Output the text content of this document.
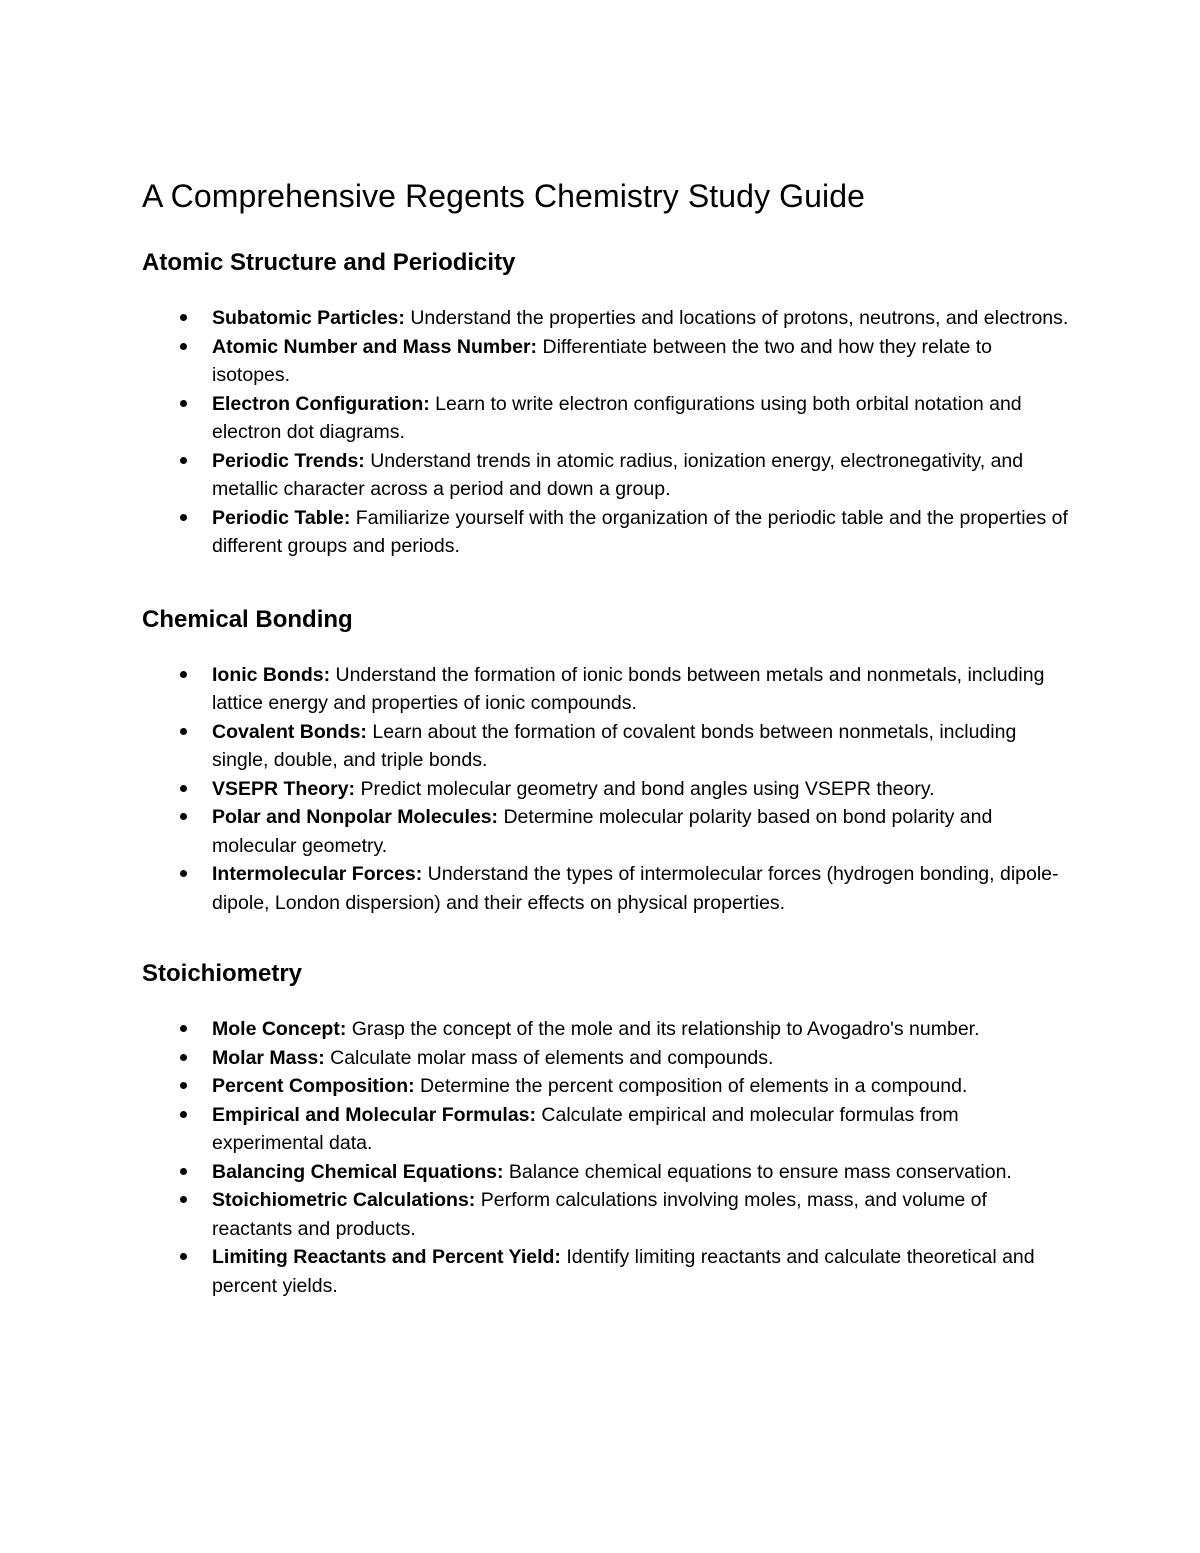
A Comprehensive Regents Chemistry Study Guide
Atomic Structure and Periodicity
Subatomic Particles: Understand the properties and locations of protons, neutrons, and electrons.
Atomic Number and Mass Number: Differentiate between the two and how they relate to isotopes.
Electron Configuration: Learn to write electron configurations using both orbital notation and electron dot diagrams.
Periodic Trends: Understand trends in atomic radius, ionization energy, electronegativity, and metallic character across a period and down a group.
Periodic Table: Familiarize yourself with the organization of the periodic table and the properties of different groups and periods.
Chemical Bonding
Ionic Bonds: Understand the formation of ionic bonds between metals and nonmetals, including lattice energy and properties of ionic compounds.
Covalent Bonds: Learn about the formation of covalent bonds between nonmetals, including single, double, and triple bonds.
VSEPR Theory: Predict molecular geometry and bond angles using VSEPR theory.
Polar and Nonpolar Molecules: Determine molecular polarity based on bond polarity and molecular geometry.
Intermolecular Forces: Understand the types of intermolecular forces (hydrogen bonding, dipole-dipole, London dispersion) and their effects on physical properties.
Stoichiometry
Mole Concept: Grasp the concept of the mole and its relationship to Avogadro's number.
Molar Mass: Calculate molar mass of elements and compounds.
Percent Composition: Determine the percent composition of elements in a compound.
Empirical and Molecular Formulas: Calculate empirical and molecular formulas from experimental data.
Balancing Chemical Equations: Balance chemical equations to ensure mass conservation.
Stoichiometric Calculations: Perform calculations involving moles, mass, and volume of reactants and products.
Limiting Reactants and Percent Yield: Identify limiting reactants and calculate theoretical and percent yields.
